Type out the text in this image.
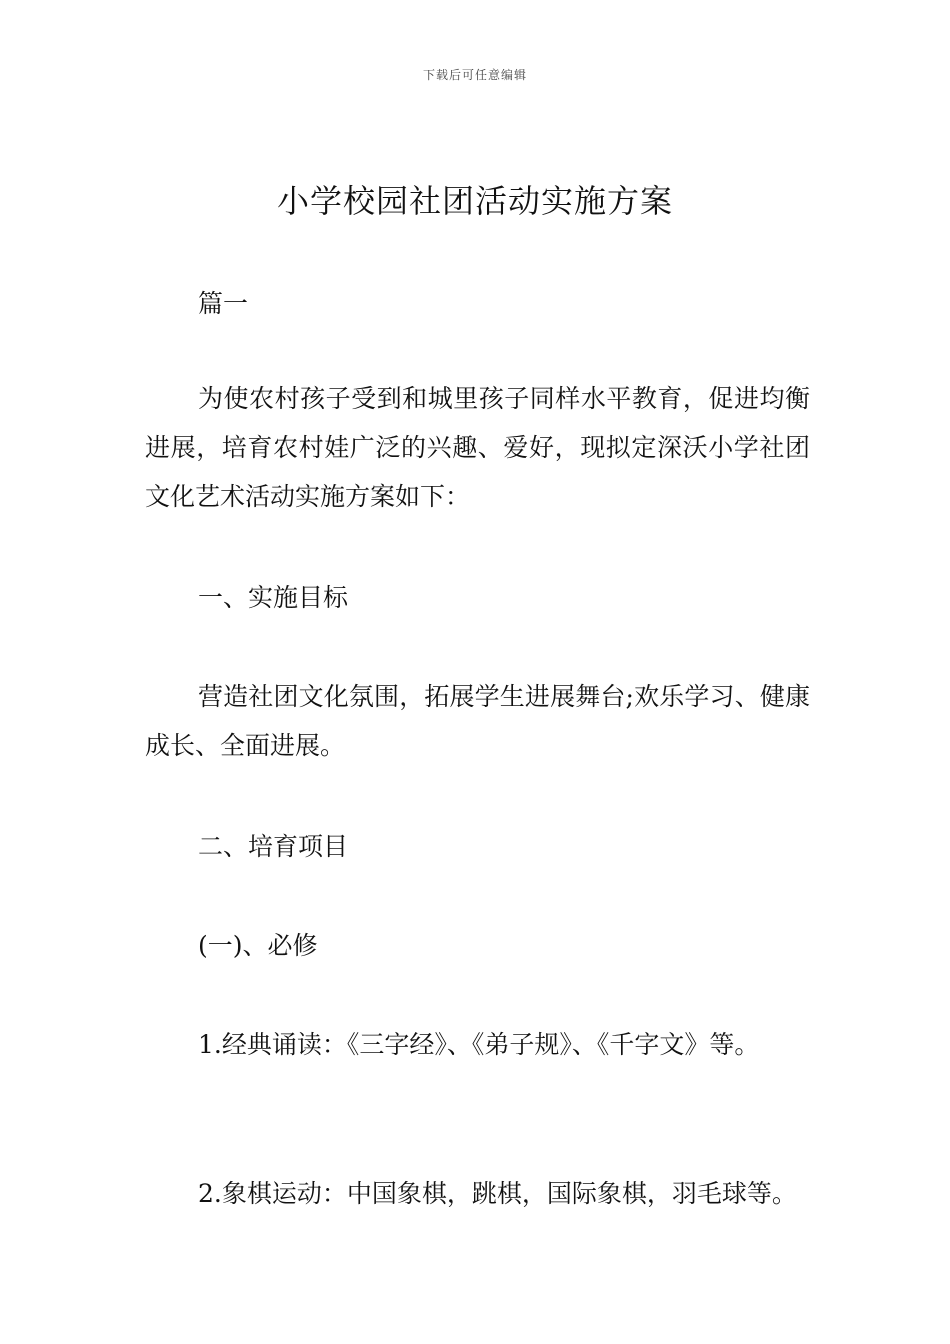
下载后可任意编辑
小学校园社团活动实施方案

篇一

为使农村孩子受到和城里孩子同样水平教育，促进均衡进展，培育农村娃广泛的兴趣、爱好，现拟定深沃小学社团文化艺术活动实施方案如下：

一、实施目标

营造社团文化氛围，拓展学生进展舞台;欢乐学习、健康成长、全面进展。

二、培育项目

(一)、必修

1.经典诵读：《三字经》、《弟子规》、《千字文》等。

2.象棋运动：中国象棋，跳棋，国际象棋，羽毛球等。
